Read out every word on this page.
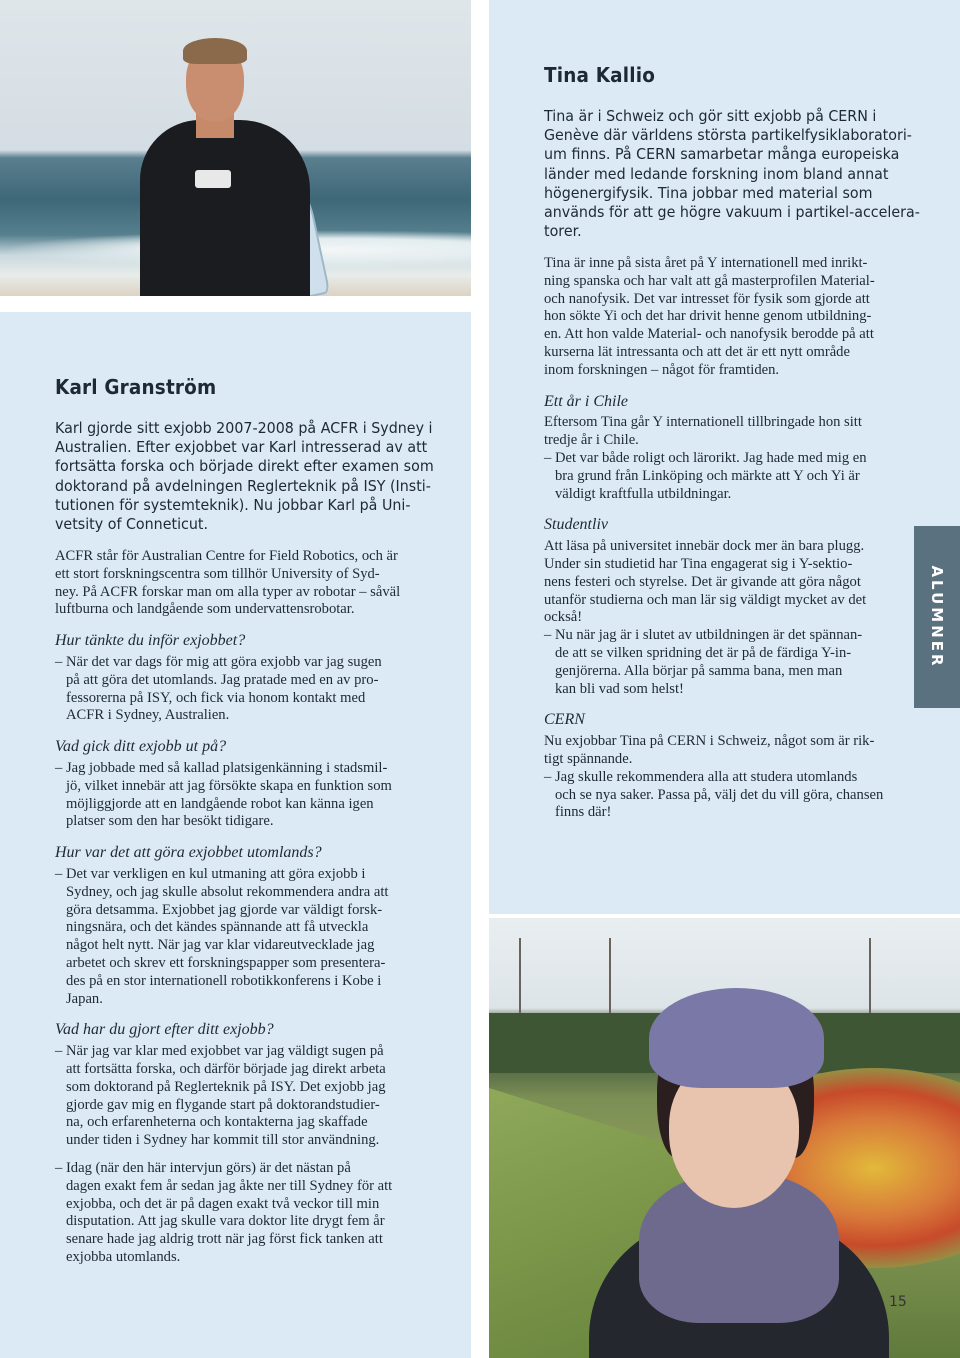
Karl Granström

Karl gjorde sitt exjobb 2007-2008 på ACFR i Sydney i

Australien. Efter exjobbet var Karl intresserad av att

fortsätta forska och började direkt efter examen som

doktorand på avdelningen Reglerteknik på ISY (Insti-

tutionen för systemteknik). Nu jobbar Karl på Uni-

vetsity of Conneticut.

ACFR står för Australian Centre for Field Robotics, och är
ett stort forskningscentra som tillhör University of Syd-
ney. På ACFR forskar man om alla typer av robotar – såväl
luftburna och landgående som undervattensrobotar.
Hur tänkte du inför exjobbet?
– När det var dags för mig att göra exjobb var jag sugen
på att göra det utomlands. Jag pratade med en av pro-
fessorerna på ISY, och fick via honom kontakt med
ACFR i Sydney, Australien.
Vad gick ditt exjobb ut på?
– Jag jobbade med så kallad platsigenkänning i stadsmil-
jö, vilket innebär att jag försökte skapa en funktion som
möjliggjorde att en landgående robot kan känna igen
platser som den har besökt tidigare.
Hur var det att göra exjobbet utomlands?
– Det var verkligen en kul utmaning att göra exjobb i
Sydney, och jag skulle absolut rekommendera andra att
göra detsamma. Exjobbet jag gjorde var väldigt forsk-
ningsnära, och det kändes spännande att få utveckla
något helt nytt. När jag var klar vidareutvecklade jag
arbetet och skrev ett forskningspapper som presentera-
des på en stor internationell robotikkonferens i Kobe i
Japan.
Vad har du gjort efter ditt exjobb?
– När jag var klar med exjobbet var jag väldigt sugen på
att fortsätta forska, och därför började jag direkt arbeta
som doktorand på Reglerteknik på ISY. Det exjobb jag
gjorde gav mig en flygande start på doktorandstudier-
na, och erfarenheterna och kontakterna jag skaffade
under tiden i Sydney har kommit till stor användning.
– Idag (när den här intervjun görs) är det nästan på
dagen exakt fem år sedan jag åkte ner till Sydney för att
exjobba, och det är på dagen exakt två veckor till min
disputation. Att jag skulle vara doktor lite drygt fem år
senare hade jag aldrig trott när jag först fick tanken att
exjobba utomlands.
Tina Kallio

Tina är i Schweiz och gör sitt exjobb på CERN i

Genève där världens största partikelfysiklaboratori-

um finns. På CERN samarbetar många europeiska

länder med ledande forskning inom bland annat

högenergifysik. Tina jobbar med material som

används för att ge högre vakuum i partikel-accelera-

torer.

Tina är inne på sista året på Y internationell med inrikt-
ning spanska och har valt att gå masterprofilen Material-
och nanofysik. Det var intresset för fysik som gjorde att
hon sökte Yi och det har drivit henne genom utbildning-
en. Att hon valde Material- och nanofysik berodde på att
kurserna lät intressanta och att det är ett nytt område
inom forskningen – något för framtiden.
Ett år i Chile
Eftersom Tina går Y internationell tillbringade hon sitt
tredje år i Chile.
– Det var både roligt och lärorikt. Jag hade med mig en
bra grund från Linköping och märkte att Y och Yi är
väldigt kraftfulla utbildningar.
Studentliv
Att läsa på universitet innebär dock mer än bara plugg.
Under sin studietid har Tina engagerat sig i Y-sektio-
nens festeri och styrelse. Det är givande att göra något
utanför studierna och man lär sig väldigt mycket av det
också!
– Nu när jag är i slutet av utbildningen är det spännan-
de att se vilken spridning det är på de färdiga Y-in-
genjörerna. Alla börjar på samma bana, men man
kan bli vad som helst!
CERN
Nu exjobbar Tina på CERN i Schweiz, något som är rik-
tigt spännande.
– Jag skulle rekommendera alla att studera utomlands
och se nya saker. Passa på, välj det du vill göra, chansen
finns där!
ALUMNER
15
